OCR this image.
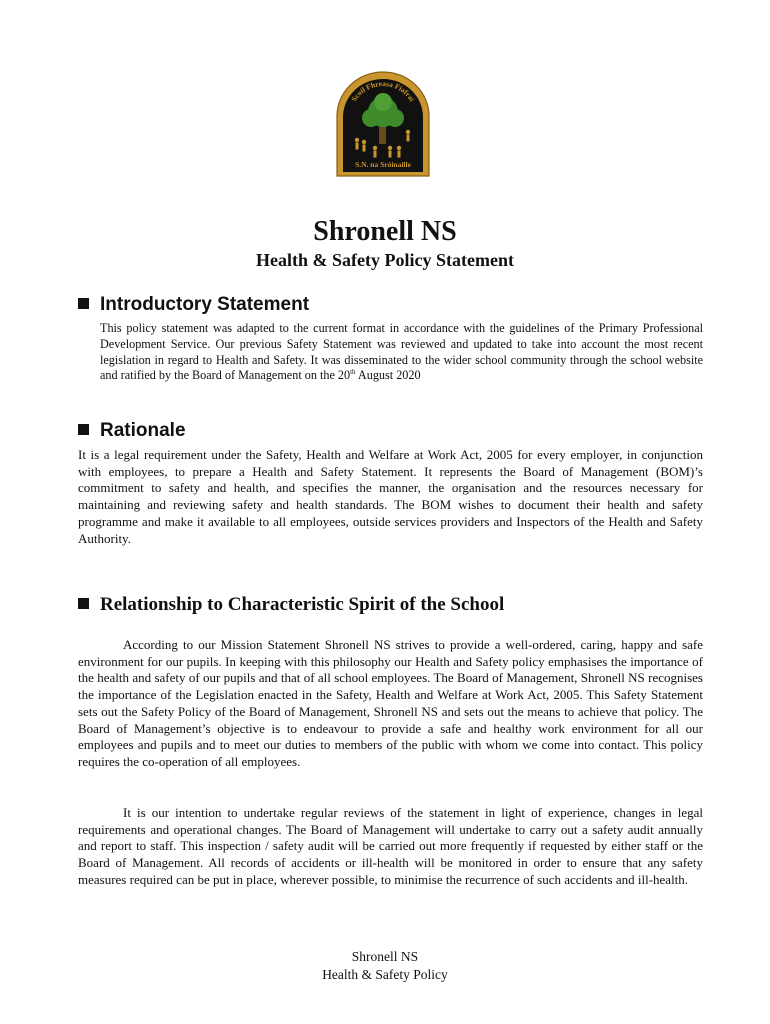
Scoil Fhreasa Fiafraí
S.N. na Sróinaille
Shronell NS
Health & Safety Policy Statement
Introductory Statement
This policy statement was adapted to the current format in accordance with the guidelines of the Primary Professional Development Service. Our previous Safety Statement was reviewed and updated to take into account the most recent legislation in regard to Health and Safety. It was disseminated to the wider school community through the school website and ratified by the Board of Management on the 20th August 2020
Rationale
It is a legal requirement under the Safety, Health and Welfare at Work Act, 2005 for every employer, in conjunction with employees, to prepare a Health and Safety Statement. It represents the Board of Management (BOM)’s commitment to safety and health, and specifies the manner, the organisation and the resources necessary for maintaining and reviewing safety and health standards. The BOM wishes to document their health and safety programme and make it available to all employees, outside services providers and Inspectors of the Health and Safety Authority.
Relationship to Characteristic Spirit of the School
According to our Mission Statement Shronell NS strives to provide a well-ordered, caring, happy and safe environment for our pupils. In keeping with this philosophy our Health and Safety policy emphasises the importance of the health and safety of our pupils and that of all school employees. The Board of Management, Shronell NS recognises the importance of the Legislation enacted in the Safety, Health and Welfare at Work Act, 2005. This Safety Statement sets out the Safety Policy of the Board of Management, Shronell NS and sets out the means to achieve that policy. The Board of Management’s objective is to endeavour to provide a safe and healthy work environment for all our employees and pupils and to meet our duties to members of the public with whom we come into contact. This policy requires the co-operation of all employees.
It is our intention to undertake regular reviews of the statement in light of experience, changes in legal requirements and operational changes. The Board of Management will undertake to carry out a safety audit annually and report to staff. This inspection / safety audit will be carried out more frequently if requested by either staff or the Board of Management. All records of accidents or ill-health will be monitored in order to ensure that any safety measures required can be put in place, wherever possible, to minimise the recurrence of such accidents and ill-health.
Shronell NS
Health & Safety Policy
